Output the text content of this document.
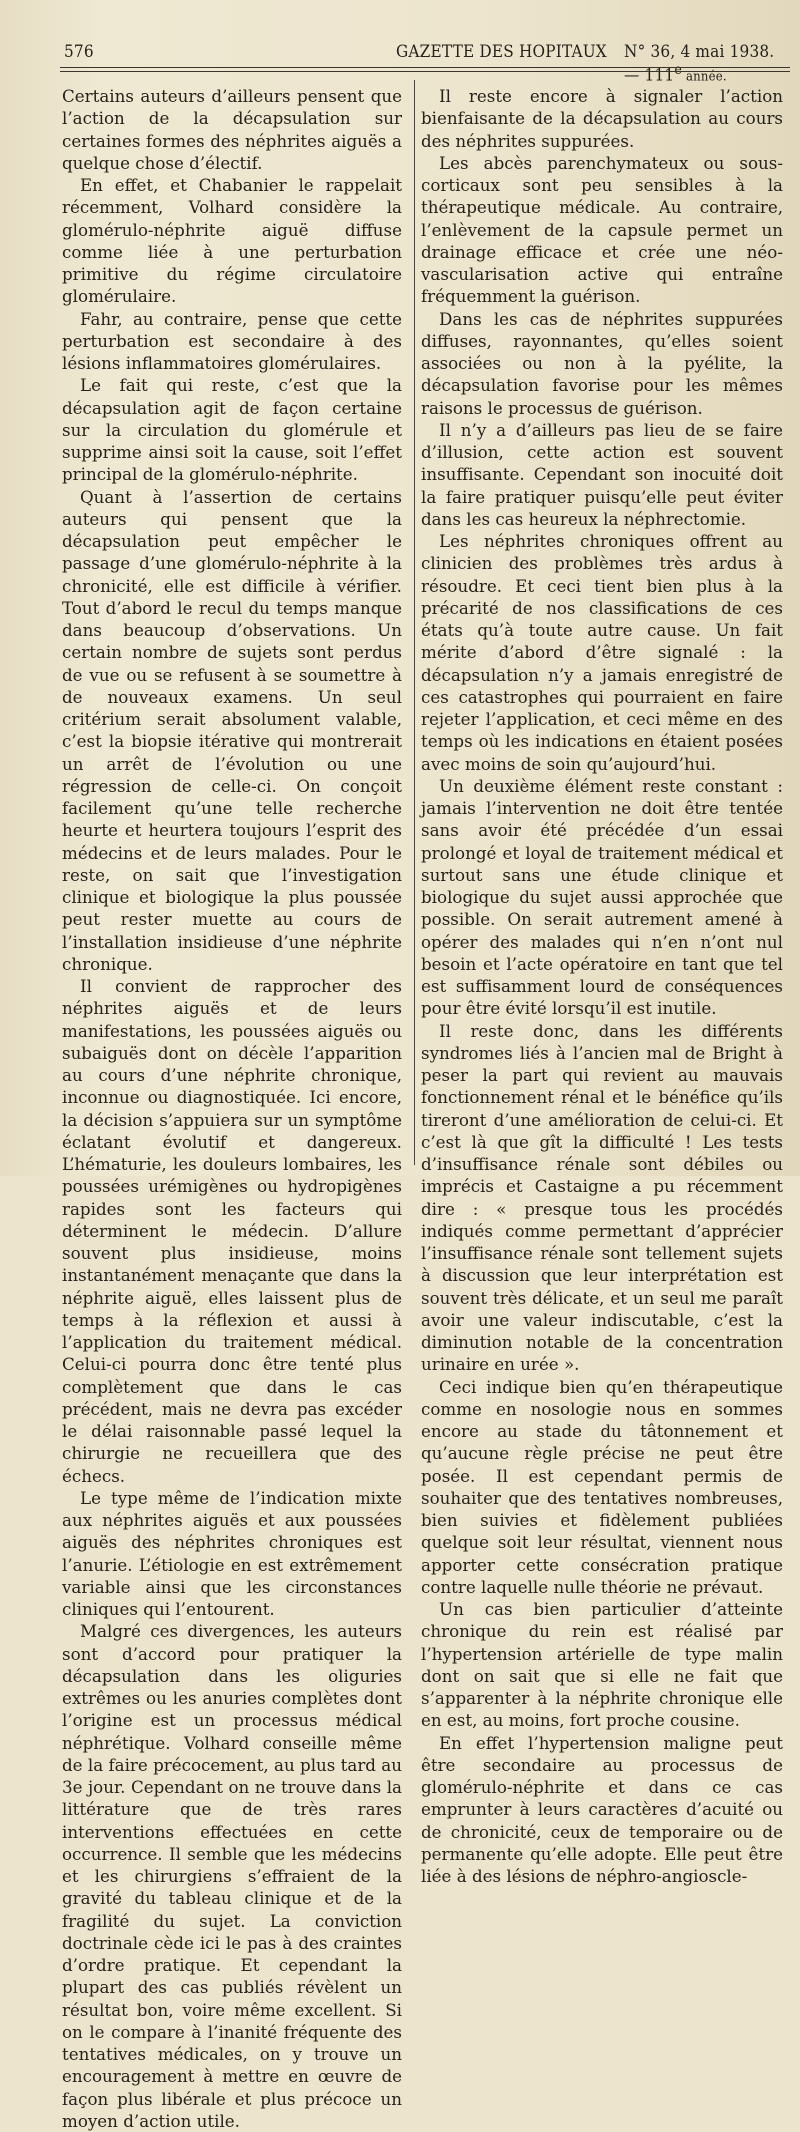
576	GAZETTE DES HOPITAUX N° 36, 4 mai 1938. — 111e année.

Certains auteurs d’ailleurs pensent que l’action de la décapsulation sur certaines formes des néphrites aiguës a quelque chose d’électif.

En effet, et Chabanier le rappelait récemment, Volhard considère la glomérulo-néphrite aiguë diffuse comme liée à une perturbation primitive du régime circulatoire glomérulaire.

Fahr, au contraire, pense que cette perturbation est secondaire à des lésions inflammatoires glomérulaires.

Le fait qui reste, c’est que la décapsulation agit de façon certaine sur la circulation du glomérule et supprime ainsi soit la cause, soit l’effet principal de la glomérulo-néphrite.

Quant à l’assertion de certains auteurs qui pensent que la décapsulation peut empêcher le passage d’une glomérulo-néphrite à la chronicité, elle est difficile à vérifier. Tout d’abord le recul du temps manque dans beaucoup d’observations. Un certain nombre de sujets sont perdus de vue ou se refusent à se soumettre à de nouveaux examens. Un seul critérium serait absolument valable, c’est la biopsie itérative qui montrerait un arrêt de l’évolution ou une régression de celle-ci. On conçoit facilement qu’une telle recherche heurte et heurtera toujours l’esprit des médecins et de leurs malades. Pour le reste, on sait que l’investigation clinique et biologique la plus poussée peut rester muette au cours de l’installation insidieuse d’une néphrite chronique.

Il convient de rapprocher des néphrites aiguës et de leurs manifestations, les poussées aiguës ou subaiguës dont on décèle l’apparition au cours d’une néphrite chronique, inconnue ou diagnostiquée. Ici encore, la décision s’appuiera sur un symptôme éclatant évolutif et dangereux. L’hématurie, les douleurs lombaires, les poussées urémigènes ou hydropigènes rapides sont les facteurs qui déterminent le médecin. D’allure souvent plus insidieuse, moins instantanément menaçante que dans la néphrite aiguë, elles laissent plus de temps à la réflexion et aussi à l’application du traitement médical. Celui-ci pourra donc être tenté plus complètement que dans le cas précédent, mais ne devra pas excéder le délai raisonnable passé lequel la chirurgie ne recueillera que des échecs.

Le type même de l’indication mixte aux néphrites aiguës et aux poussées aiguës des néphrites chroniques est l’anurie. L’étiologie en est extrêmement variable ainsi que les circonstances cliniques qui l’entourent.

Malgré ces divergences, les auteurs sont d’accord pour pratiquer la décapsulation dans les oliguries extrêmes ou les anuries complètes dont l’origine est un processus médical néphrétique. Volhard conseille même de la faire précocement, au plus tard au 3e jour. Cependant on ne trouve dans la littérature que de très rares interventions effectuées en cette occurrence. Il semble que les médecins et les chirurgiens s’effraient de la gravité du tableau clinique et de la fragilité du sujet. La conviction doctrinale cède ici le pas à des craintes d’ordre pratique. Et cependant la plupart des cas publiés révèlent un résultat bon, voire même excellent. Si on le compare à l’inanité fréquente des tentatives médicales, on y trouve un encouragement à mettre en œuvre de façon plus libérale et plus précoce un moyen d’action utile.

Il reste encore à signaler l’action bienfaisante de la décapsulation au cours des néphrites suppurées.

Les abcès parenchymateux ou sous-corticaux sont peu sensibles à la thérapeutique médicale. Au contraire, l’enlèvement de la capsule permet un drainage efficace et crée une néo-vascularisation active qui entraîne fréquemment la guérison.

Dans les cas de néphrites suppurées diffuses, rayonnantes, qu’elles soient associées ou non à la pyélite, la décapsulation favorise pour les mêmes raisons le processus de guérison.

Il n’y a d’ailleurs pas lieu de se faire d’illusion, cette action est souvent insuffisante. Cependant son inocuité doit la faire pratiquer puisqu’elle peut éviter dans les cas heureux la néphrectomie.

Les néphrites chroniques offrent au clinicien des problèmes très ardus à résoudre. Et ceci tient bien plus à la précarité de nos classifications de ces états qu’à toute autre cause. Un fait mérite d’abord d’être signalé : la décapsulation n’y a jamais enregistré de ces catastrophes qui pourraient en faire rejeter l’application, et ceci même en des temps où les indications en étaient posées avec moins de soin qu’aujourd’hui.

Un deuxième élément reste constant : jamais l’intervention ne doit être tentée sans avoir été précédée d’un essai prolongé et loyal de traitement médical et surtout sans une étude clinique et biologique du sujet aussi approchée que possible. On serait autrement amené à opérer des malades qui n’en n’ont nul besoin et l’acte opératoire en tant que tel est suffisamment lourd de conséquences pour être évité lorsqu’il est inutile.

Il reste donc, dans les différents syndromes liés à l’ancien mal de Bright à peser la part qui revient au mauvais fonctionnement rénal et le bénéfice qu’ils tireront d’une amélioration de celui-ci. Et c’est là que gît la difficulté ! Les tests d’insuffisance rénale sont débiles ou imprécis et Castaigne a pu récemment dire : « presque tous les procédés indiqués comme permettant d’apprécier l’insuffisance rénale sont tellement sujets à discussion que leur interprétation est souvent très délicate, et un seul me paraît avoir une valeur indiscutable, c’est la diminution notable de la concentration urinaire en urée ».

Ceci indique bien qu’en thérapeutique comme en nosologie nous en sommes encore au stade du tâtonnement et qu’aucune règle précise ne peut être posée. Il est cependant permis de souhaiter que des tentatives nombreuses, bien suivies et fidèlement publiées quelque soit leur résultat, viennent nous apporter cette consécration pratique contre laquelle nulle théorie ne prévaut.

Un cas bien particulier d’atteinte chronique du rein est réalisé par l’hypertension artérielle de type malin dont on sait que si elle ne fait que s’apparenter à la néphrite chronique elle en est, au moins, fort proche cousine.

En effet l’hypertension maligne peut être secondaire au processus de glomérulo-néphrite et dans ce cas emprunter à leurs caractères d’acuité ou de chronicité, ceux de temporaire ou de permanente qu’elle adopte. Elle peut être liée à des lésions de néphro-angioscle-
